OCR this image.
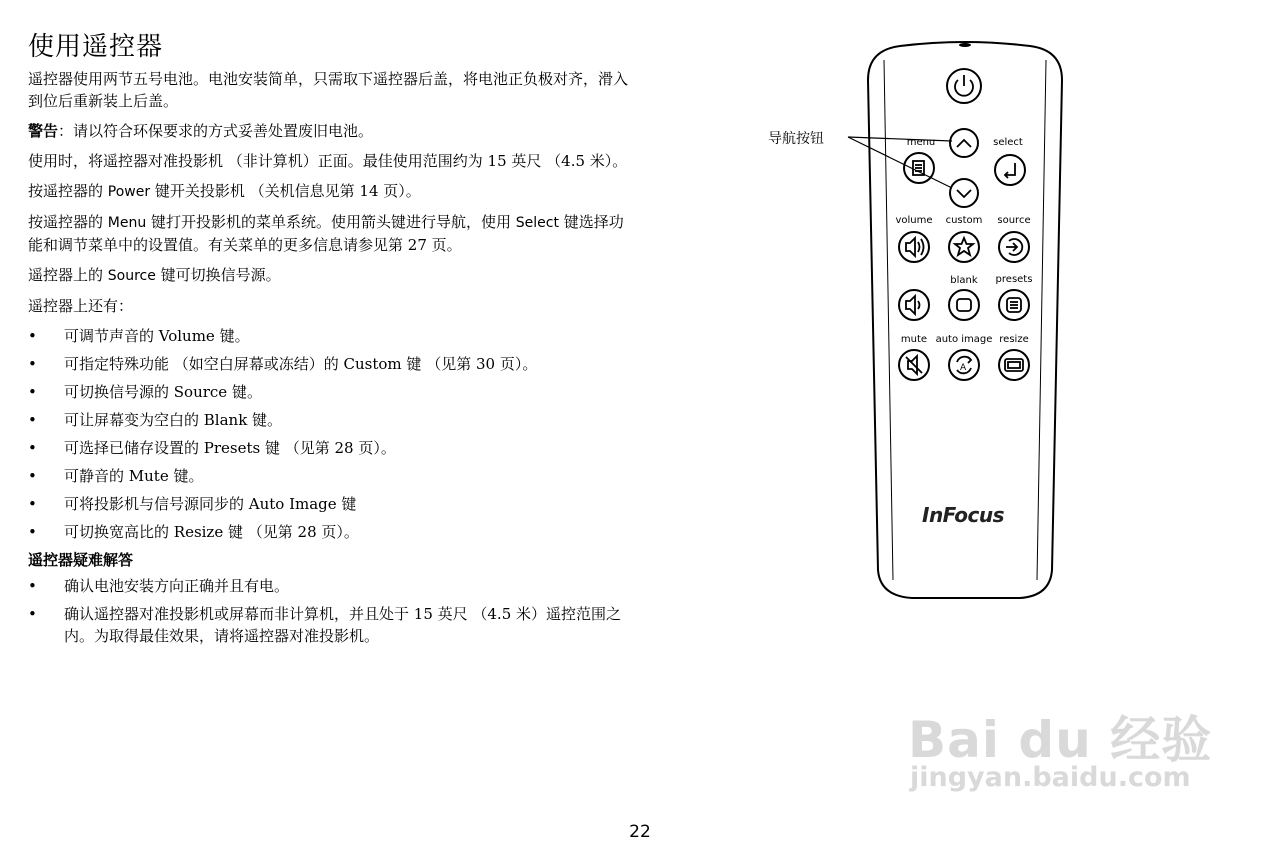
使用遥控器

遥控器使用两节五号电池。电池安装简单，只需取下遥控器后盖，将电池正负极对齐，滑入到位后重新装上后盖。

警告：请以符合环保要求的方式妥善处置废旧电池。

使用时，将遥控器对准投影机 （非计算机）正面。最佳使用范围约为 15 英尺 （4.5 米）。

按遥控器的 Power 键开关投影机 （关机信息见第 14 页）。

按遥控器的 Menu 键打开投影机的菜单系统。使用箭头键进行导航，使用 Select 键选择功能和调节菜单中的设置值。有关菜单的更多信息请参见第 27 页。

遥控器上的 Source 键可切换信号源。

遥控器上还有：

• 可调节声音的 Volume 键。
• 可指定特殊功能 （如空白屏幕或冻结）的 Custom 键 （见第 30 页）。
• 可切换信号源的 Source 键。
• 可让屏幕变为空白的 Blank 键。
• 可选择已储存设置的 Presets 键 （见第 28 页）。
• 可静音的 Mute 键。
• 可将投影机与信号源同步的 Auto Image 键
• 可切换宽高比的 Resize 键 （见第 28 页）。
遥控器疑难解答
• 确认电池安装方向正确并且有电。
• 确认遥控器对准投影机或屏幕而非计算机，并且处于 15 英尺 （4.5 米）遥控范围之内。为取得最佳效果，请将遥控器对准投影机。
A
导航按钮	menu	select
volume	custom	source
blank	presets
mute auto image resize
InFocus
Bai du 经验
jingyan.baidu.com
22
